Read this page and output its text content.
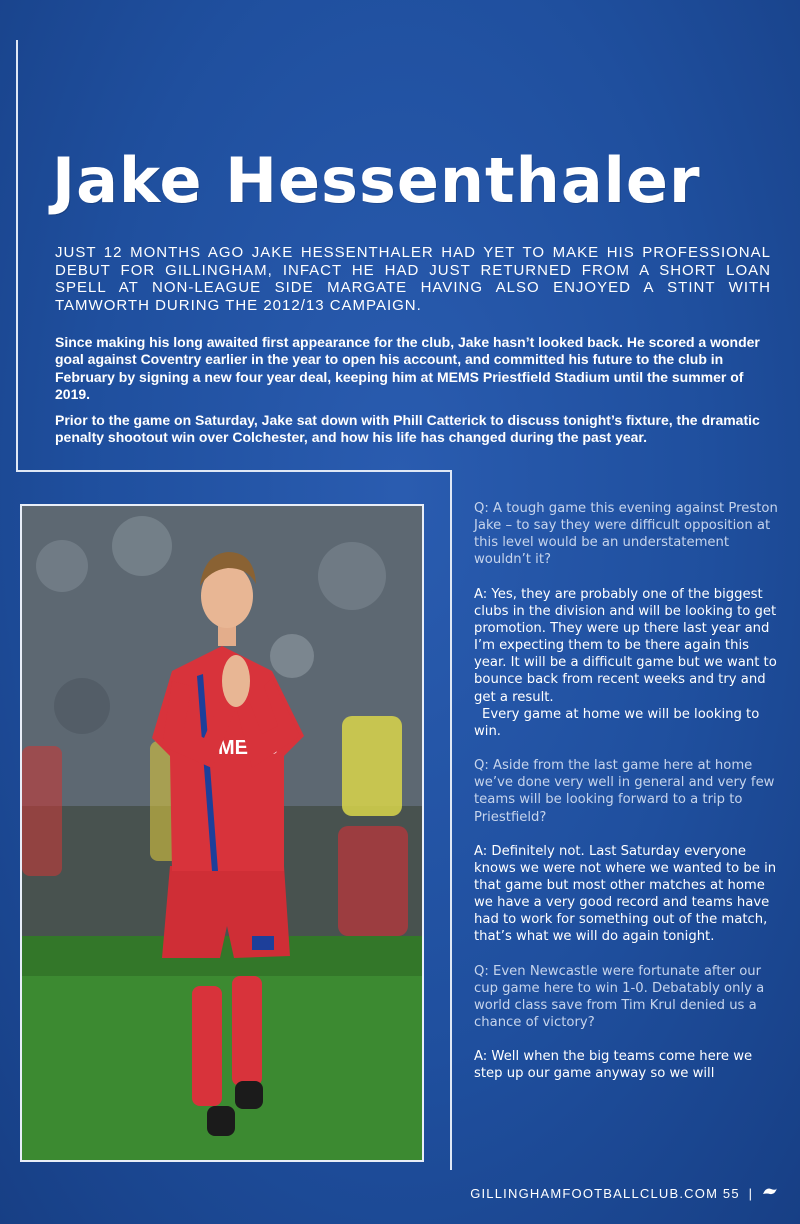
Jake Hessenthaler

JUST 12 MONTHS AGO JAKE HESSENTHALER HAD YET TO MAKE HIS PROFESSIONAL DEBUT FOR GILLINGHAM, INFACT HE HAD JUST RETURNED FROM A SHORT LOAN SPELL AT NON-LEAGUE SIDE MARGATE HAVING ALSO ENJOYED A STINT WITH TAMWORTH DURING THE 2012/13 CAMPAIGN.

Since making his long awaited first appearance for the club, Jake hasn’t looked back. He scored a wonder goal against Coventry earlier in the year to open his account, and committed his future to the club in February by signing a new four year deal, keeping him at MEMS Priestfield Stadium until the summer of 2019.

Prior to the game on Saturday, Jake sat down with Phill Catterick to discuss tonight’s fixture, the dramatic penalty shootout win over Colchester, and how his life has changed during the past year.

Q: A tough game this evening against Preston Jake – to say they were difficult opposition at this level would be an understatement wouldn’t it?

A: Yes, they are probably one of the biggest clubs in the division and will be looking to get promotion. They were up there last year and I’m expecting them to be there again this year. It will be a difficult game but we want to bounce back from recent weeks and try and get a result.
Every game at home we will be looking to win.

Q: Aside from the last game here at home we’ve done very well in general and very few teams will be looking forward to a trip to Priestfield?

A: Definitely not. Last Saturday everyone knows we were not where we wanted to be in that game but most other matches at home we have a very good record and teams have had to work for something out of the match, that’s what we will do again tonight.

Q: Even Newcastle were fortunate after our cup game here to win 1-0. Debatably only a world class save from Tim Krul denied us a chance of victory?

A: Well when the big teams come here we step up our game anyway so we will

GILLINGHAMFOOTBALLCLUB.COM 55 |
